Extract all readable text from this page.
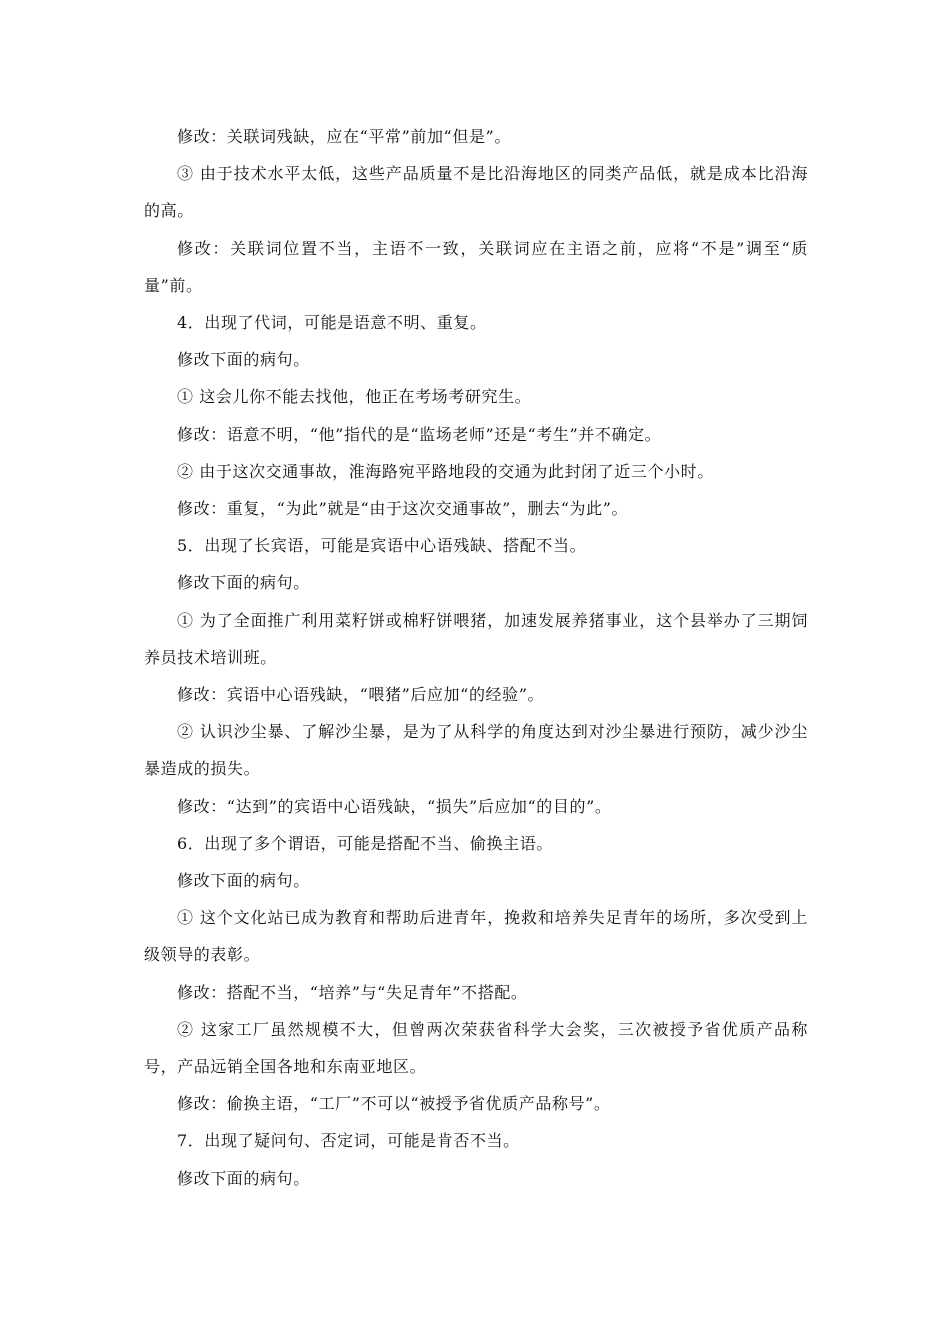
修改：关联词残缺，应在“平常”前加“但是”。

③ 由于技术水平太低，这些产品质量不是比沿海地区的同类产品低，就是成本比沿海的高。

修改：关联词位置不当，主语不一致，关联词应在主语之前，应将“不是”调至“质量”前。

4．出现了代词，可能是语意不明、重复。

修改下面的病句。

① 这会儿你不能去找他，他正在考场考研究生。

修改：语意不明，“他”指代的是“监场老师”还是“考生”并不确定。

② 由于这次交通事故，淮海路宛平路地段的交通为此封闭了近三个小时。

修改：重复，“为此”就是“由于这次交通事故”，删去“为此”。

5．出现了长宾语，可能是宾语中心语残缺、搭配不当。

修改下面的病句。

① 为了全面推广利用菜籽饼或棉籽饼喂猪，加速发展养猪事业，这个县举办了三期饲养员技术培训班。

修改：宾语中心语残缺，“喂猪”后应加“的经验”。

② 认识沙尘暴、了解沙尘暴，是为了从科学的角度达到对沙尘暴进行预防，减少沙尘暴造成的损失。

修改：“达到”的宾语中心语残缺，“损失”后应加“的目的”。

6．出现了多个谓语，可能是搭配不当、偷换主语。

修改下面的病句。

① 这个文化站已成为教育和帮助后进青年，挽救和培养失足青年的场所，多次受到上级领导的表彰。

修改：搭配不当，“培养”与“失足青年”不搭配。

② 这家工厂虽然规模不大，但曾两次荣获省科学大会奖，三次被授予省优质产品称号，产品远销全国各地和东南亚地区。

修改：偷换主语，“工厂”不可以“被授予省优质产品称号”。

7．出现了疑问句、否定词，可能是肯否不当。

修改下面的病句。
